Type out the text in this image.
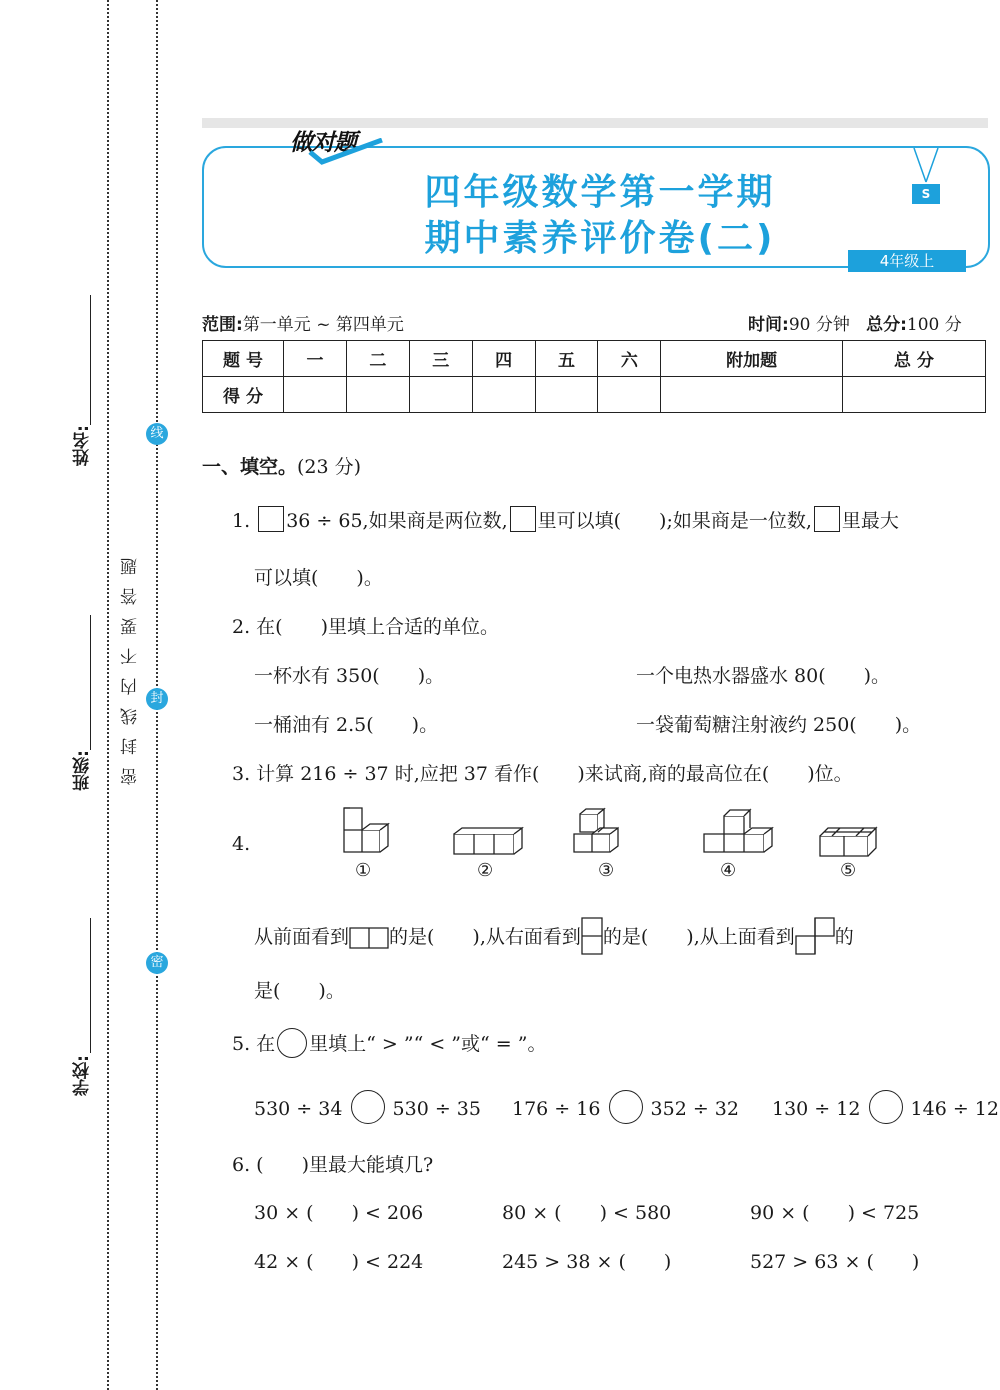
姓名:
班级:
学校:
密封线内不要答题
线
封
密
做对题
四年级数学第一学期
期中素养评价卷(二)
S
4年级上
范围:第一单元 ~ 第四单元	时间:90 分钟 总分:100 分
题 号	一	二	三	四	五	六	附加题	总 分
得 分								
一、填空。(23 分)
1. 36 ÷ 65,如果商是两位数, 里可以填(　　);如果商是一位数, 里最大
可以填(　　)。
2. 在(　　)里填上合适的单位。
一杯水有 350(　　)。	一个电热水器盛水 80(　　)。
一桶油有 2.5(　　)。	一袋葡萄糖注射液约 250(　　)。
3. 计算 216 ÷ 37 时,应把 37 看作(　　)来试商,商的最高位在(　　)位。
4.
①	②	③	④	⑤
从前面看到 的是(　　),从右面看到 的是(　　),从上面看到 的
是(　　)。
5. 在 里填上“ > ”“ < ”或“ = ”。
530 ÷ 34	530 ÷ 35 176 ÷ 16	352 ÷ 32 130 ÷ 12	146 ÷ 12
6. (　　)里最大能填几?
30 × (　　) < 206	80 × (　　) < 580	90 × (　　) < 725
42 × (　　) < 224	245 > 38 × (　　)	527 > 63 × (　　)
